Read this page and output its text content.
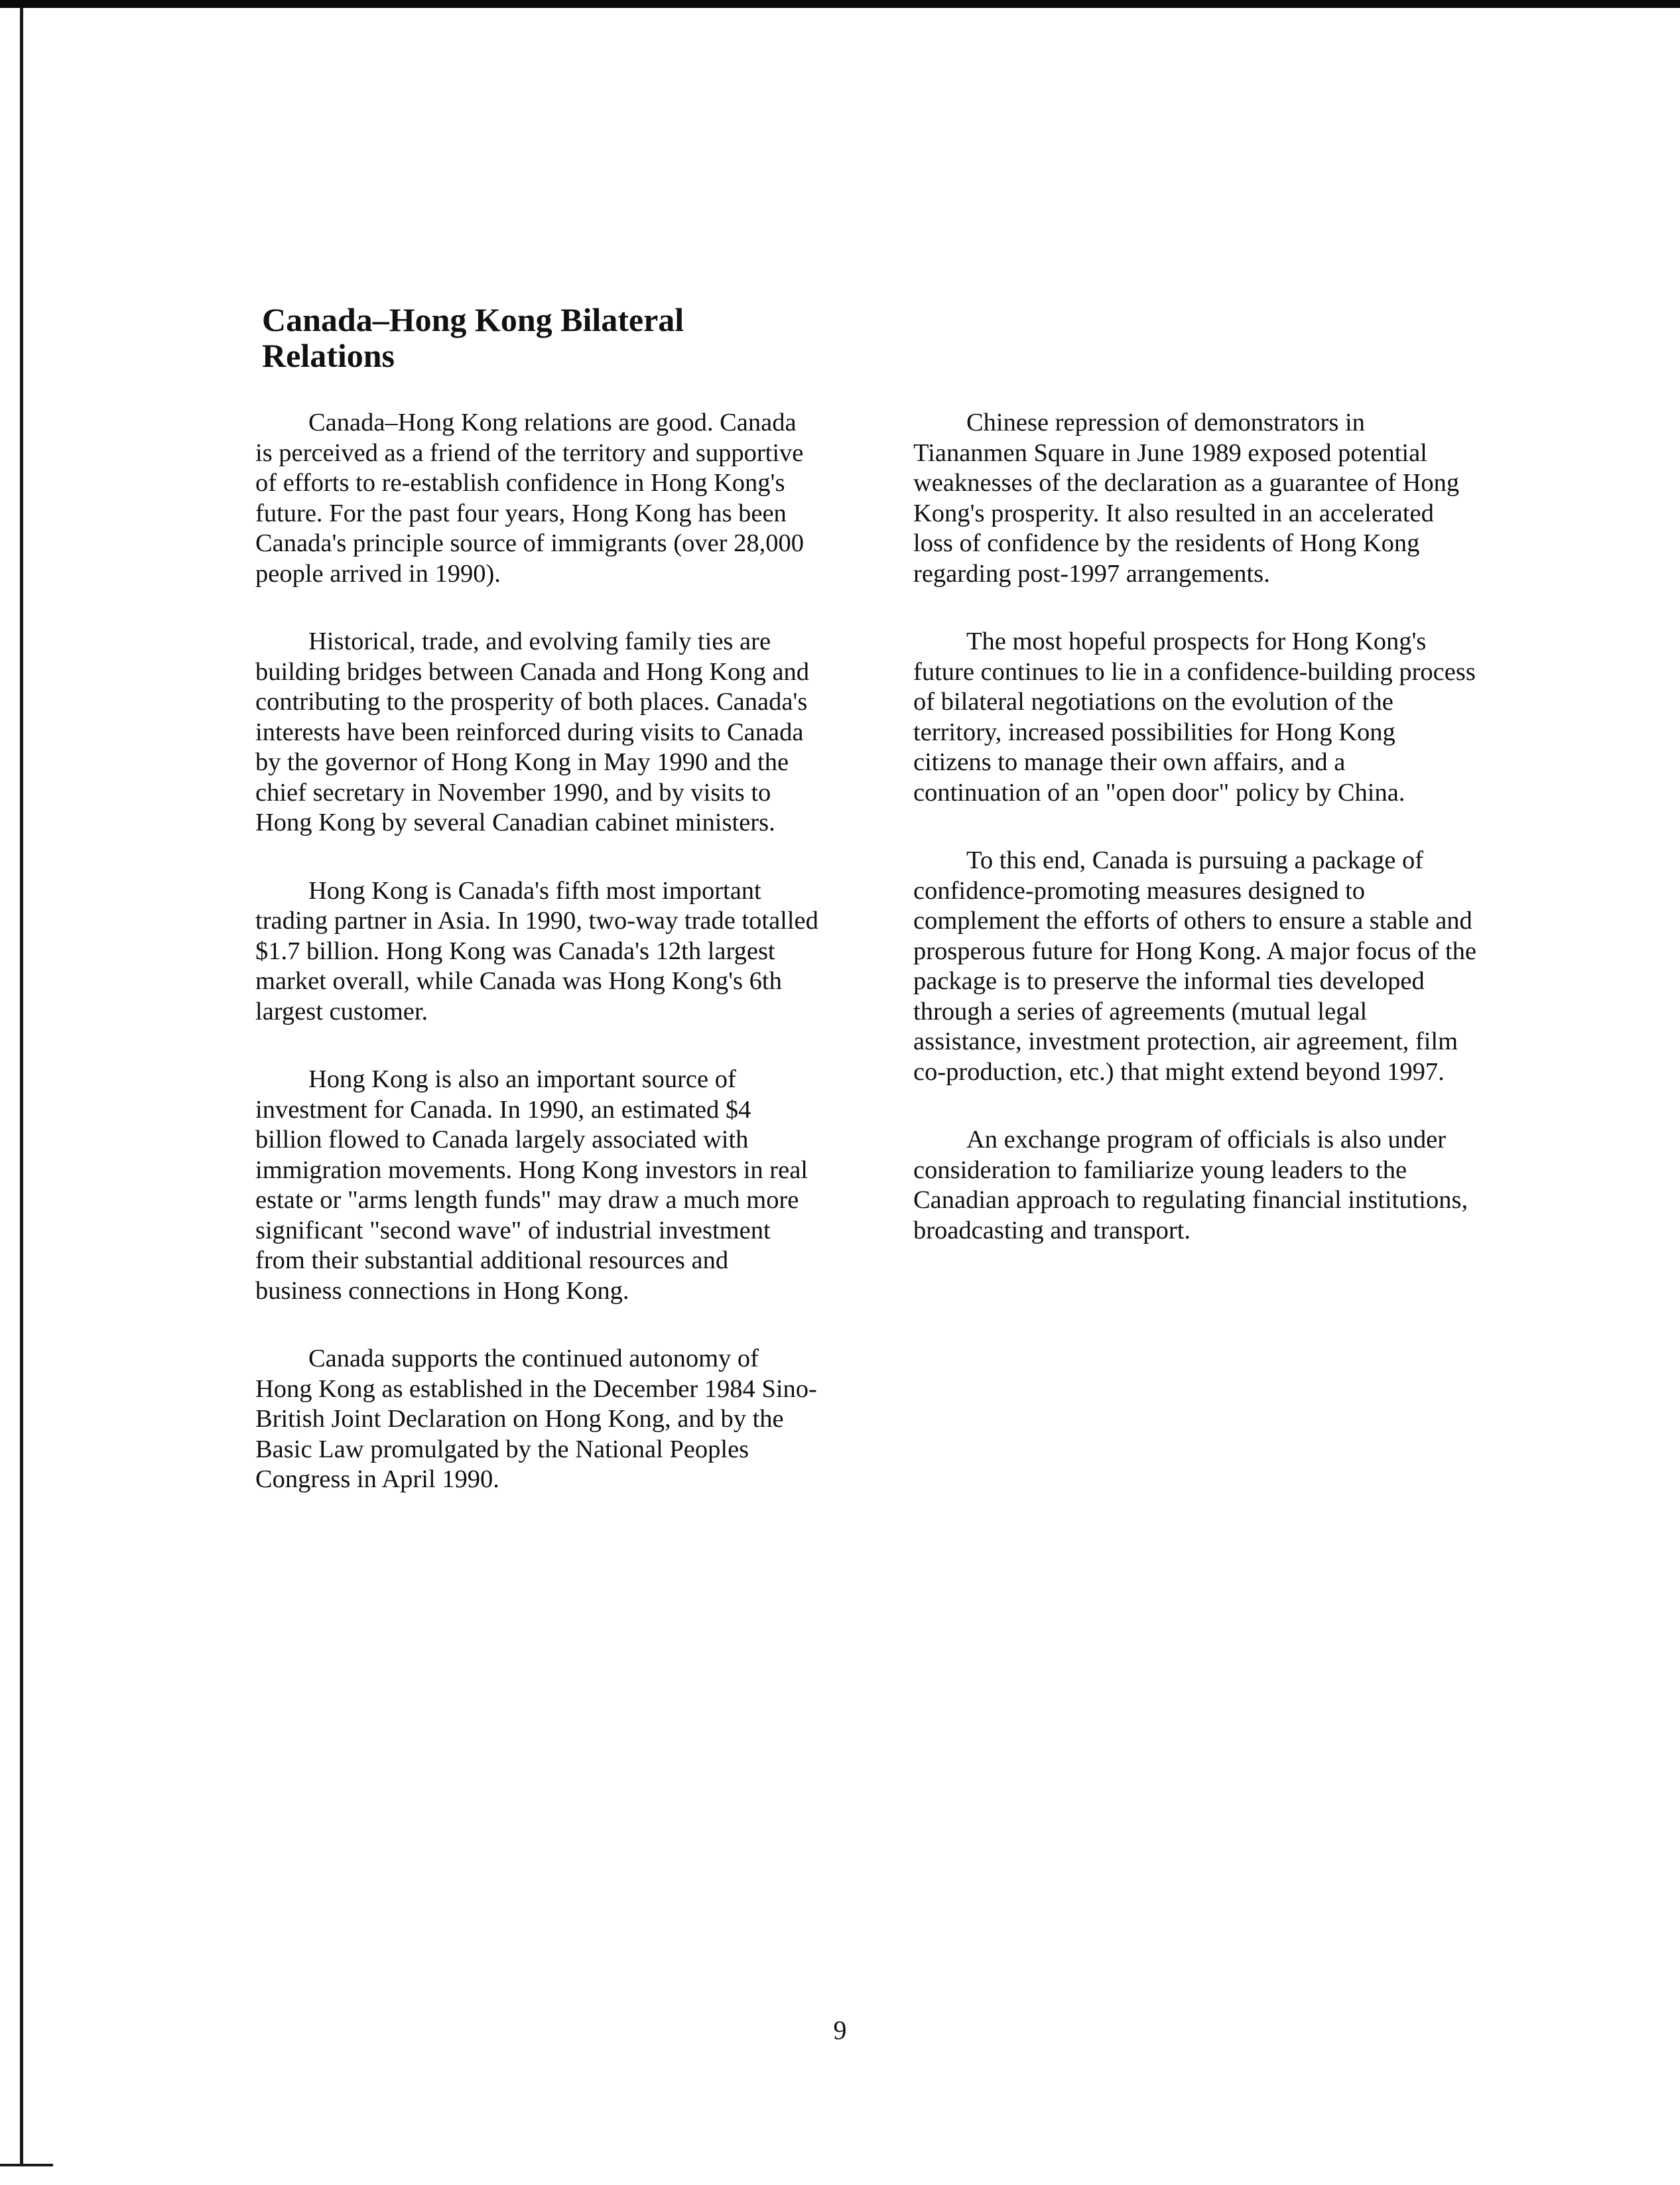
Canada–Hong Kong Bilateral
Relations

Canada–Hong Kong relations are good. Canada is perceived as a friend of the territory and supportive of efforts to re-establish confidence in Hong Kong's future. For the past four years, Hong Kong has been Canada's principle source of immigrants (over 28,000 people arrived in 1990).

Historical, trade, and evolving family ties are building bridges between Canada and Hong Kong and contributing to the prosperity of both places. Canada's interests have been reinforced during visits to Canada by the governor of Hong Kong in May 1990 and the chief secretary in November 1990, and by visits to Hong Kong by several Canadian cabinet ministers.

Hong Kong is Canada's fifth most important trading partner in Asia. In 1990, two-way trade totalled $1.7 billion. Hong Kong was Canada's 12th largest market overall, while Canada was Hong Kong's 6th largest customer.

Hong Kong is also an important source of investment for Canada. In 1990, an estimated $4 billion flowed to Canada largely associated with immigration movements. Hong Kong investors in real estate or "arms length funds" may draw a much more significant "second wave" of industrial investment from their substantial additional resources and business connections in Hong Kong.

Canada supports the continued autonomy of Hong Kong as established in the December 1984 Sino-British Joint Declaration on Hong Kong, and by the Basic Law promulgated by the National Peoples Congress in April 1990.

Chinese repression of demonstrators in Tiananmen Square in June 1989 exposed potential weaknesses of the declaration as a guarantee of Hong Kong's prosperity. It also resulted in an accelerated loss of confidence by the residents of Hong Kong regarding post-1997 arrangements.

The most hopeful prospects for Hong Kong's future continues to lie in a confidence-building process of bilateral negotiations on the evolution of the territory, increased possibilities for Hong Kong citizens to manage their own affairs, and a continuation of an "open door" policy by China.

To this end, Canada is pursuing a package of confidence-promoting measures designed to complement the efforts of others to ensure a stable and prosperous future for Hong Kong. A major focus of the package is to preserve the informal ties developed through a series of agreements (mutual legal assistance, investment protection, air agreement, film co-production, etc.) that might extend beyond 1997.

An exchange program of officials is also under consideration to familiarize young leaders to the Canadian approach to regulating financial institutions, broadcasting and transport.

9
